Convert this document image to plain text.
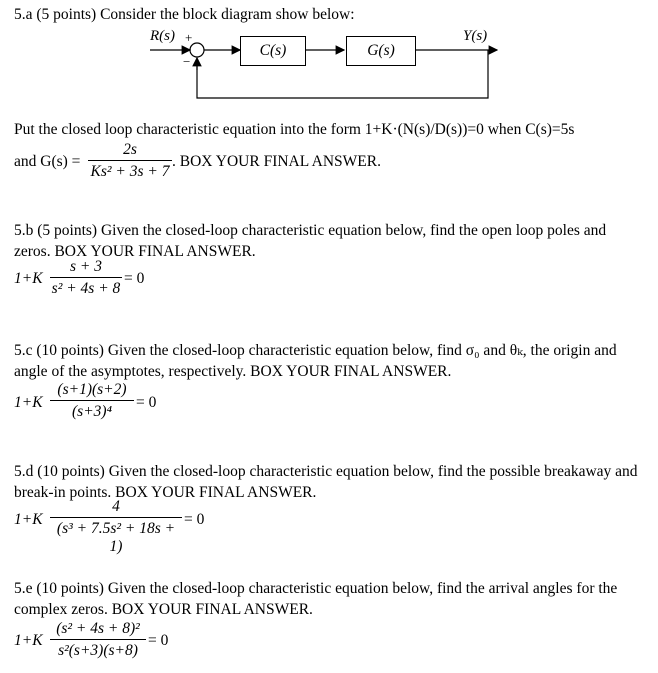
5.a (5 points) Consider the block diagram show below:
R(s) +
−
C(s)	G(s)
Y(s)
Put the closed loop characteristic equation into the form 1+K·(N(s)/D(s))=0 when C(s)=5s
and G(s) =
2s
Ks² + 3s + 7
. BOX YOUR FINAL ANSWER.
5.b (5 points) Given the closed-loop characteristic equation below, find the open loop poles and zeros. BOX YOUR FINAL ANSWER.
1+K
s + 3
s² + 4s + 8
= 0
5.c (10 points) Given the closed-loop characteristic equation below, find σ₀ and θₖ, the origin and angle of the asymptotes, respectively. BOX YOUR FINAL ANSWER.
1+K
(s+1)(s+2)
(s+3)⁴
= 0
5.d (10 points) Given the closed-loop characteristic equation below, find the possible breakaway and break-in points. BOX YOUR FINAL ANSWER.
1+K
4
(s³ + 7.5s² + 18s + 1)
= 0
5.e (10 points) Given the closed-loop characteristic equation below, find the arrival angles for the complex zeros. BOX YOUR FINAL ANSWER.
1+K
(s² + 4s + 8)²
s²(s+3)(s+8)
= 0
